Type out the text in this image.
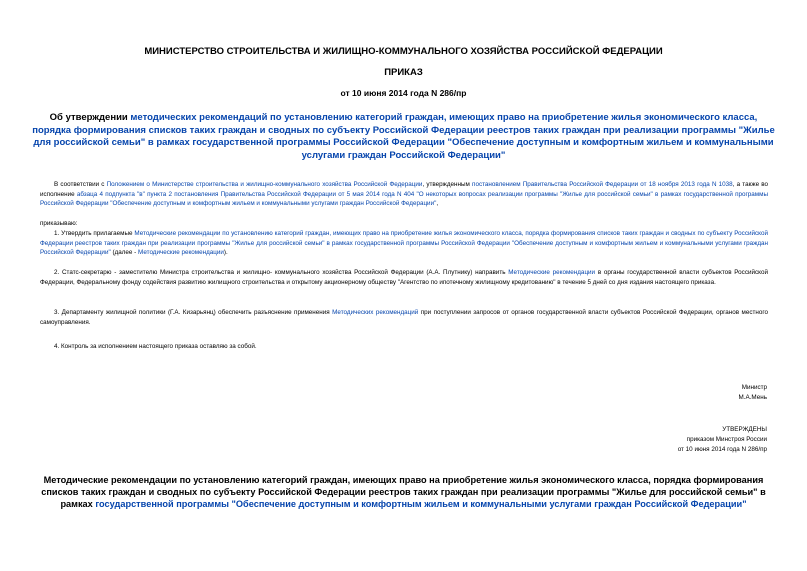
МИНИСТЕРСТВО СТРОИТЕЛЬСТВА И ЖИЛИЩНО-КОММУНАЛЬНОГО ХОЗЯЙСТВА РОССИЙСКОЙ ФЕДЕРАЦИИ
ПРИКАЗ
от 10 июня 2014 года N 286/пр
Об утверждении методических рекомендаций по установлению категорий граждан, имеющих право на приобретение жилья экономического класса, порядка формирования списков таких граждан и сводных по субъекту Российской Федерации реестров таких граждан при реализации программы "Жилье для российской семьи" в рамках государственной программы Российской Федерации "Обеспечение доступным и комфортным жильем и коммунальными услугами граждан Российской Федерации"
В соответствии с Положением о Министерстве строительства и жилищно-коммунального хозяйства Российской Федерации, утвержденным постановлением Правительства Российской Федерации от 18 ноября 2013 года N 1038, а также во исполнение абзаца 4 подпункта "в" пункта 2 постановления Правительства Российской Федерации от 5 мая 2014 года N 404 "О некоторых вопросах реализации программы "Жилье для российской семьи" в рамках государственной программы Российской Федерации "Обеспечение доступным и комфортным жильем и коммунальными услугами граждан Российской Федерации",
приказываю:
1. Утвердить прилагаемые Методические рекомендации по установлению категорий граждан, имеющих право на приобретение жилья экономического класса, порядка формирования списков таких граждан и сводных по субъекту Российской Федерации реестров таких граждан при реализации программы "Жилье для российской семьи" в рамках государственной программы Российской Федерации "Обеспечение доступным и комфортным жильем и коммунальными услугами граждан Российской Федерации" (далее - Методические рекомендации).
2. Статс-секретарю - заместителю Министра строительства и жилищно- коммунального хозяйства Российской Федерации (А.А. Плутнику) направить Методические рекомендации в органы государственной власти субъектов Российской Федерации, Федеральному фонду содействия развитию жилищного строительства и открытому акционерному обществу "Агентство по ипотечному жилищному кредитованию" в течение 5 дней со дня издания настоящего приказа.
3. Департаменту жилищной политики (Г.А. Кизарьянц) обеспечить разъяснение применения Методических рекомендаций при поступлении запросов от органов государственной власти субъектов Российской Федерации, органов местного самоуправления.
4. Контроль за исполнением настоящего приказа оставляю за собой.
Министр
М.А.Мень
УТВЕРЖДЕНЫ
приказом Минстроя России
от 10 июня 2014 года N 286/пр
Методические рекомендации по установлению категорий граждан, имеющих право на приобретение жилья экономического класса, порядка формирования списков таких граждан и сводных по субъекту Российской Федерации реестров таких граждан при реализации программы "Жилье для российской семьи" в рамках государственной программы "Обеспечение доступным и комфортным жильем и коммунальными услугами граждан Российской Федерации"
